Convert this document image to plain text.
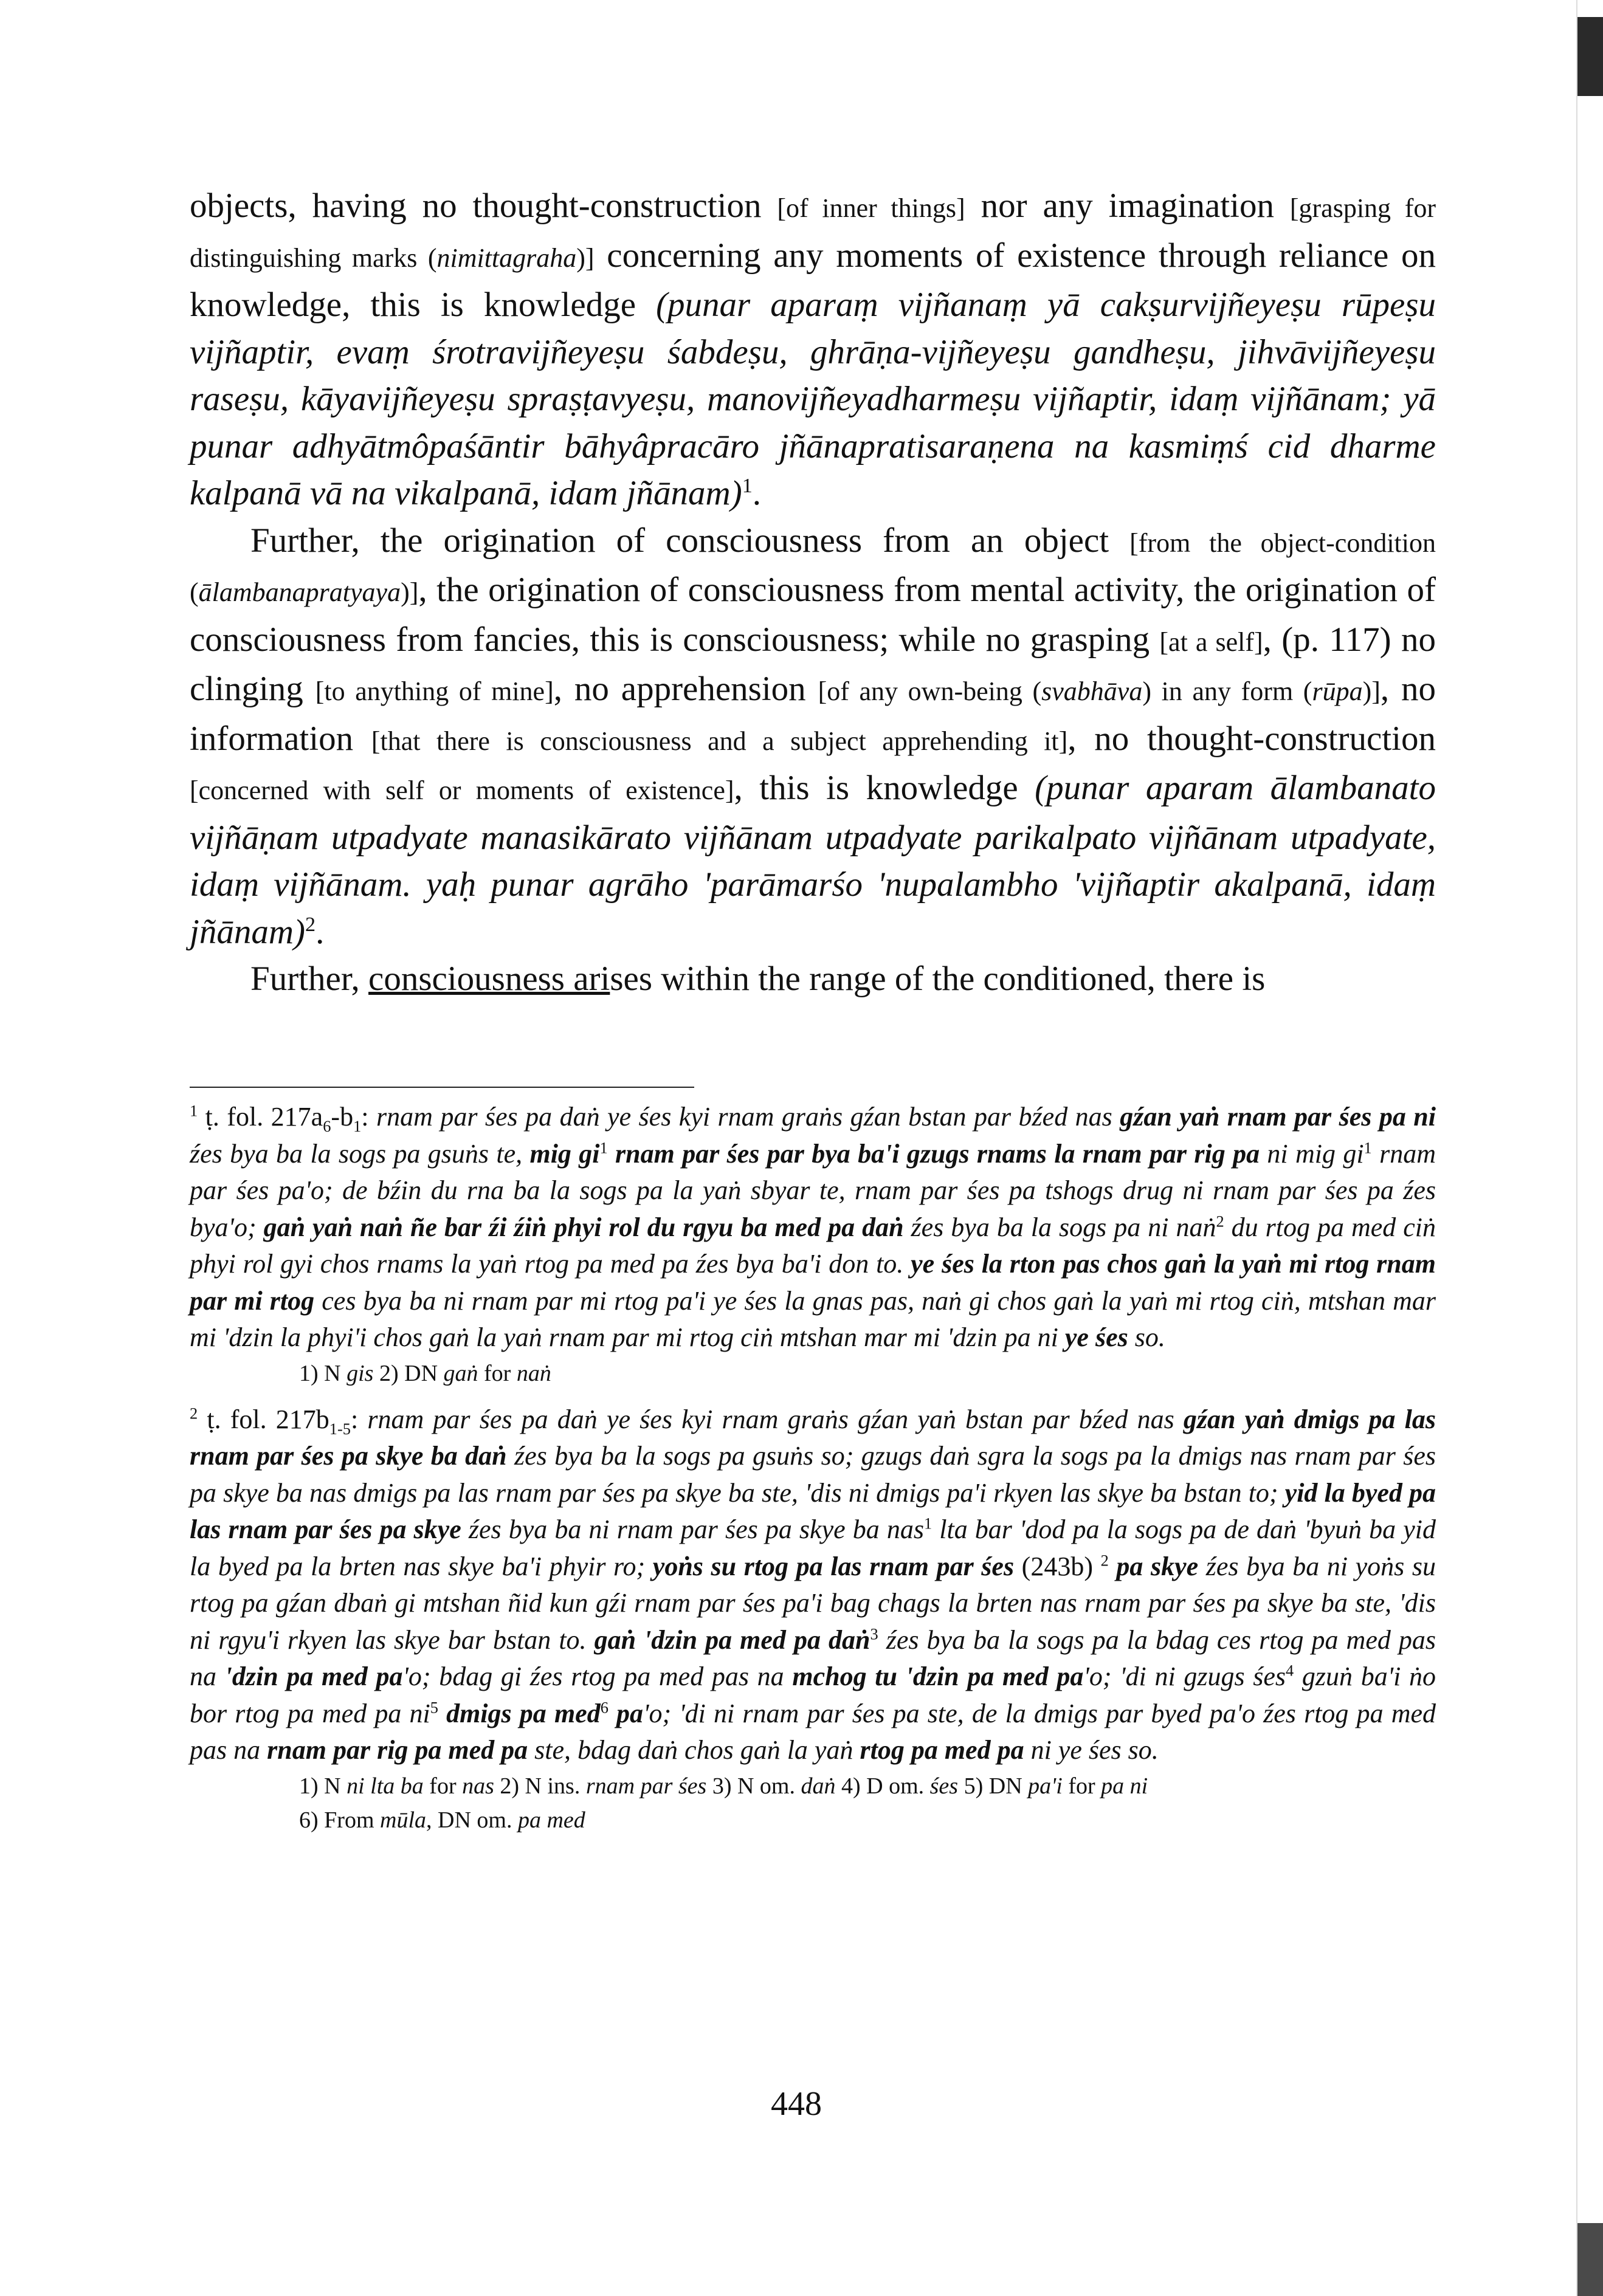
objects, having no thought-construction [of inner things] nor any imagination [grasping for distinguishing marks (nimittagraha)] concerning any moments of existence through reliance on knowledge, this is knowledge (punar aparaṃ vijñanaṃ yā cakṣurvijñeyeṣu rūpeṣu vijñaptir, evaṃ śrotravijñeyeṣu śabdeṣu, ghrāṇa-vijñeyeṣu gandheṣu, jihvāvijñeyeṣu raseṣu, kāyavijñeyeṣu spraṣṭavyeṣu, manovijñeyadharmeṣu vijñaptir, idaṃ vijñānam; yā punar adhyātmôpaśāntir bāhyâpracāro jñānapratisaraṇena na kasmiṃś cid dharme kalpanā vā na vikalpanā, idam jñānam)$^1$.

Further, the origination of consciousness from an object [from the object-condition (ālambanapratyaya)], the origination of consciousness from mental activity, the origination of consciousness from fancies, this is consciousness; while no grasping [at a self], (p. 117) no clinging [to anything of mine], no apprehension [of any own-being (svabhāva) in any form (rūpa)], no information [that there is consciousness and a subject apprehending it], no thought-construction [concerned with self or moments of existence], this is knowledge (punar aparam ālambanato vijñāṇam utpadyate manasikārato vijñānam utpadyate parikalpato vijñānam utpadyate, idaṃ vijñānam. yaḥ punar agrāho 'parāmarśo 'nupalambho 'vijñaptir akalpanā, idaṃ jñānam)$^2$.

Further, consciousness arises within the range of the conditioned, there is

$^1$ ṭ. fol. $217a_6-b_1$: rnam par śes pa daṅ ye śes kyi rnam graṅs gźan bstan par bźed nas gźan yaṅ rnam par śes pa ni źes bya ba la sogs pa gsuṅs te, mig $gi^1$ rnam par śes par bya ba'i gzugs rnams la rnam par rig pa ni mig $gi^1$ rnam par śes pa'o; de bźin du rna ba la sogs pa la yaṅ sbyar te, rnam par śes pa tshogs drug ni rnam par śes pa źes bya'o; gaṅ yaṅ naṅ ñe bar źi źiṅ phyi rol du rgyu ba med pa daṅ źes bya ba la sogs pa ni naṅ$^2$ du rtog pa med ciṅ phyi rol gyi chos rnams la yaṅ rtog pa med pa źes bya ba'i don to. ye śes la rton pas chos gaṅ la yaṅ mi rtog rnam par mi rtog ces bya ba ni rnam par mi rtog pa'i ye śes la gnas pas, naṅ gi chos gaṅ la yaṅ mi rtog ciṅ, mtshan mar mi 'dzin la phyi'i chos gaṅ la yaṅ rnam par mi rtog ciṅ mtshan mar mi 'dzin pa ni ye śes so.

1) N gis 2) DN gaṅ for naṅ

$^2$ ṭ. fol. $217b_{1-5}$: rnam par śes pa daṅ ye śes kyi rnam graṅs gźan yaṅ bstan par bźed nas gźan yaṅ dmigs pa las rnam par śes pa skye ba daṅ źes bya ba la sogs pa gsuṅs so; gzugs daṅ sgra la sogs pa la dmigs nas rnam par śes pa skye ba nas dmigs pa las rnam par śes pa skye ba ste, 'dis ni dmigs pa'i rkyen las skye ba bstan to; yid la byed pa las rnam par śes pa skye źes bya ba ni rnam par śes pa skye ba nas$^1$ lta bar 'dod pa la sogs pa de daṅ 'byuṅ ba yid la byed pa la brten nas skye ba'i phyir ro; yoṅs su rtog pa las rnam par śes (243b) $^2$ pa skye źes bya ba ni yoṅs su rtog pa gźan dbaṅ gi mtshan ñid kun gźi rnam par śes pa'i bag chags la brten nas rnam par śes pa skye ba ste, 'dis ni rgyu'i rkyen las skye bar bstan to. gaṅ 'dzin pa med pa daṅ$^3$ źes bya ba la sogs pa la bdag ces rtog pa med pas na 'dzin pa med pa'o; bdag gi źes rtog pa med pas na mchog tu 'dzin pa med pa'o; 'di ni gzugs śes$^4$ gzuṅ ba'i ṅo bor rtog pa med pa $ni^5$ dmigs pa med$^6$ pa'o; 'di ni rnam par śes pa ste, de la dmigs par byed pa'o źes rtog pa med pas na rnam par rig pa med pa ste, bdag daṅ chos gaṅ la yaṅ rtog pa med pa ni ye śes so.

1) N ni lta ba for nas 2) N ins. rnam par śes 3) N om. daṅ 4) D om. śes 5) DN pa'i for pa ni
6) From mūla, DN om. pa med

448
